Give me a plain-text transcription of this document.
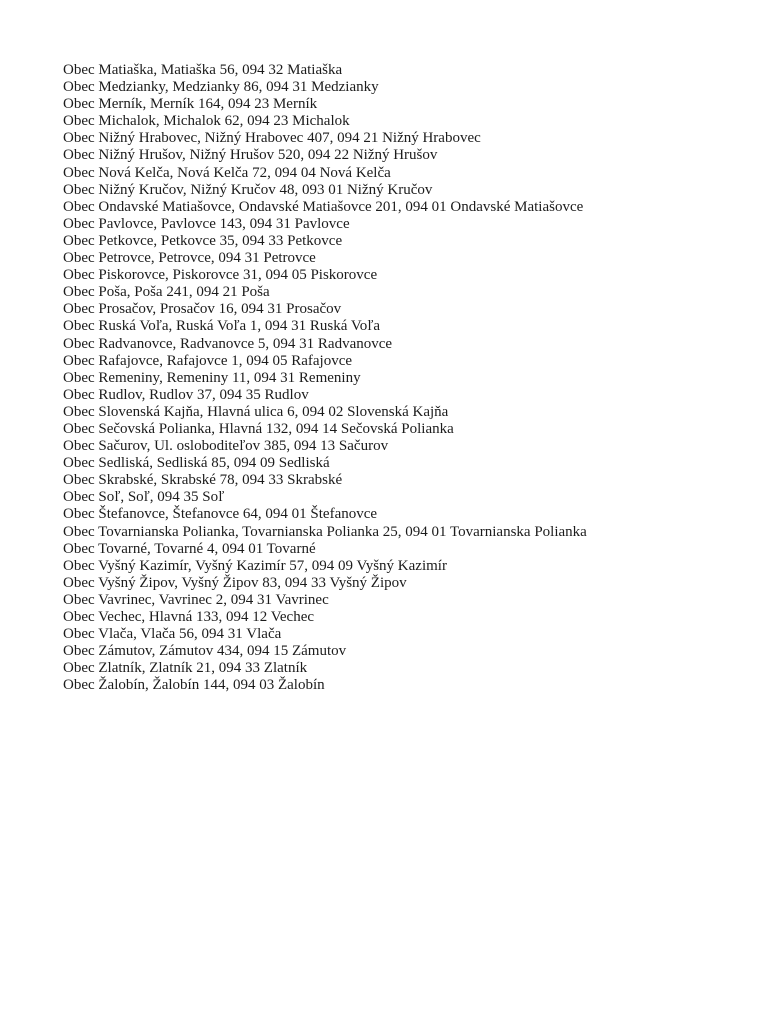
Obec Matiaška, Matiaška 56, 094 32 Matiaška
Obec Medzianky, Medzianky 86, 094 31 Medzianky
Obec Merník, Merník 164, 094 23 Merník
Obec Michalok, Michalok 62, 094 23 Michalok
Obec Nižný Hrabovec, Nižný Hrabovec 407, 094 21 Nižný Hrabovec
Obec Nižný Hrušov, Nižný Hrušov 520, 094 22 Nižný Hrušov
Obec Nová Kelča, Nová Kelča 72, 094 04 Nová Kelča
Obec Nižný Kručov, Nižný Kručov 48, 093 01 Nižný Kručov
Obec Ondavské Matiašovce, Ondavské Matiašovce 201, 094 01 Ondavské Matiašovce
Obec Pavlovce, Pavlovce 143, 094 31 Pavlovce
Obec Petkovce, Petkovce 35, 094 33 Petkovce
Obec Petrovce, Petrovce, 094 31 Petrovce
Obec Piskorovce, Piskorovce 31, 094 05 Piskorovce
Obec Poša, Poša 241, 094 21 Poša
Obec Prosačov, Prosačov 16, 094 31 Prosačov
Obec Ruská Voľa, Ruská Voľa 1, 094 31 Ruská Voľa
Obec Radvanovce, Radvanovce 5, 094 31 Radvanovce
Obec Rafajovce, Rafajovce 1, 094 05 Rafajovce
Obec Remeniny, Remeniny 11, 094 31 Remeniny
Obec Rudlov, Rudlov 37, 094 35 Rudlov
Obec Slovenská Kajňa, Hlavná ulica 6, 094 02 Slovenská Kajňa
Obec Sečovská Polianka, Hlavná 132, 094 14 Sečovská Polianka
Obec Sačurov, Ul. osloboditeľov 385, 094 13 Sačurov
Obec Sedliská, Sedliská 85, 094 09 Sedliská
Obec Skrabské, Skrabské 78, 094 33 Skrabské
Obec Soľ, Soľ, 094 35 Soľ
Obec Štefanovce, Štefanovce 64, 094 01 Štefanovce
Obec Tovarnianska Polianka, Tovarnianska Polianka 25, 094 01 Tovarnianska Polianka
Obec Tovarné, Tovarné 4, 094 01 Tovarné
Obec Vyšný Kazimír, Vyšný Kazimír 57, 094 09 Vyšný Kazimír
Obec Vyšný Žipov, Vyšný Žipov 83, 094 33 Vyšný Žipov
Obec Vavrinec, Vavrinec 2, 094 31 Vavrinec
Obec Vechec, Hlavná 133, 094 12 Vechec
Obec Vlača, Vlača 56, 094 31 Vlača
Obec Zámutov, Zámutov 434, 094 15 Zámutov
Obec Zlatník, Zlatník 21, 094 33 Zlatník
Obec Žalobín, Žalobín 144, 094 03 Žalobín
